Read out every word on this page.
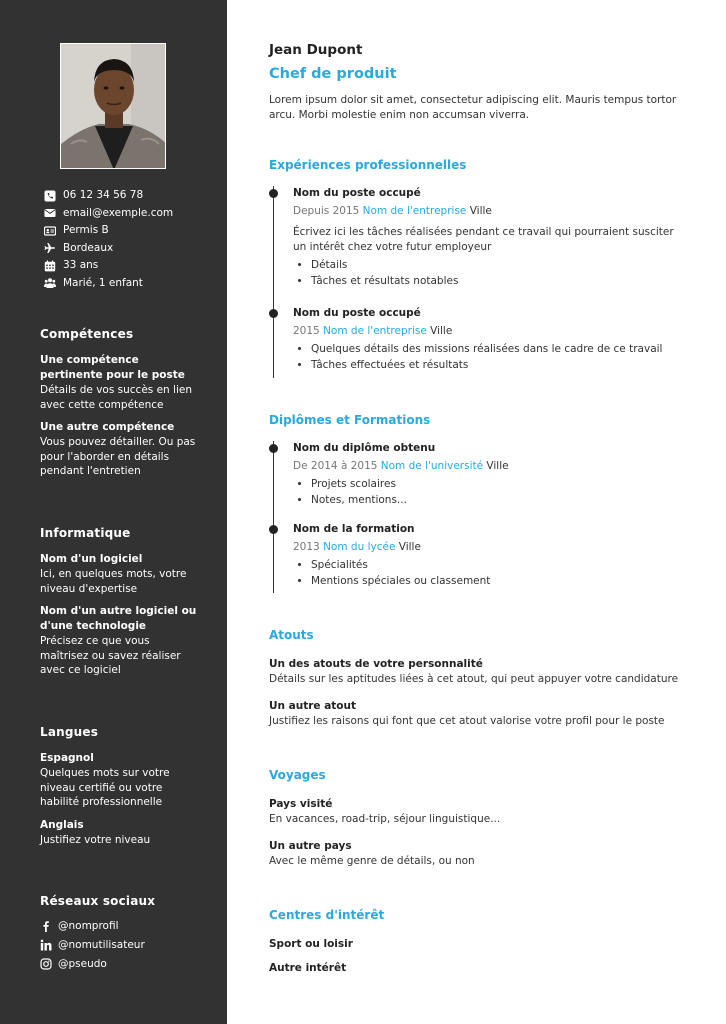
06 12 34 56 78
email@exemple.com
Permis B
Bordeaux
33 ans
Marié, 1 enfant
Compétences
Une compétence pertinente pour le poste
Détails de vos succès en lien avec cette compétence
Une autre compétence
Vous pouvez détailler. Ou pas pour l'aborder en détails pendant l'entretien
Informatique
Nom d'un logiciel
Ici, en quelques mots, votre niveau d'expertise
Nom d'un autre logiciel ou d'une technologie
Précisez ce que vous maîtrisez ou savez réaliser avec ce logiciel
Langues
Espagnol
Quelques mots sur votre niveau certifié ou votre habilité professionnelle
Anglais
Justifiez votre niveau
Réseaux sociaux
@nomprofil
@nomutilisateur
@pseudo
Jean Dupont
Chef de produit
Lorem ipsum dolor sit amet, consectetur adipiscing elit. Mauris tempus tortor arcu. Morbi molestie enim non accumsan viverra.
Expériences professionnelles
Nom du poste occupé
Depuis 2015 Nom de l'entreprise Ville
Écrivez ici les tâches réalisées pendant ce travail qui pourraient susciter un intérêt chez votre futur employeur
• Détails
• Tâches et résultats notables
Nom du poste occupé
2015 Nom de l'entreprise Ville
• Quelques détails des missions réalisées dans le cadre de ce travail
• Tâches effectuées et résultats
Diplômes et Formations
Nom du diplôme obtenu
De 2014 à 2015 Nom de l'université Ville
• Projets scolaires
• Notes, mentions...
Nom de la formation
2013 Nom du lycée Ville
• Spécialités
• Mentions spéciales ou classement
Atouts
Un des atouts de votre personnalité
Détails sur les aptitudes liées à cet atout, qui peut appuyer votre candidature
Un autre atout
Justifiez les raisons qui font que cet atout valorise votre profil pour le poste
Voyages
Pays visité
En vacances, road-trip, séjour linguistique...
Un autre pays
Avec le même genre de détails, ou non
Centres d'intérêt
Sport ou loisir
Autre intérêt
